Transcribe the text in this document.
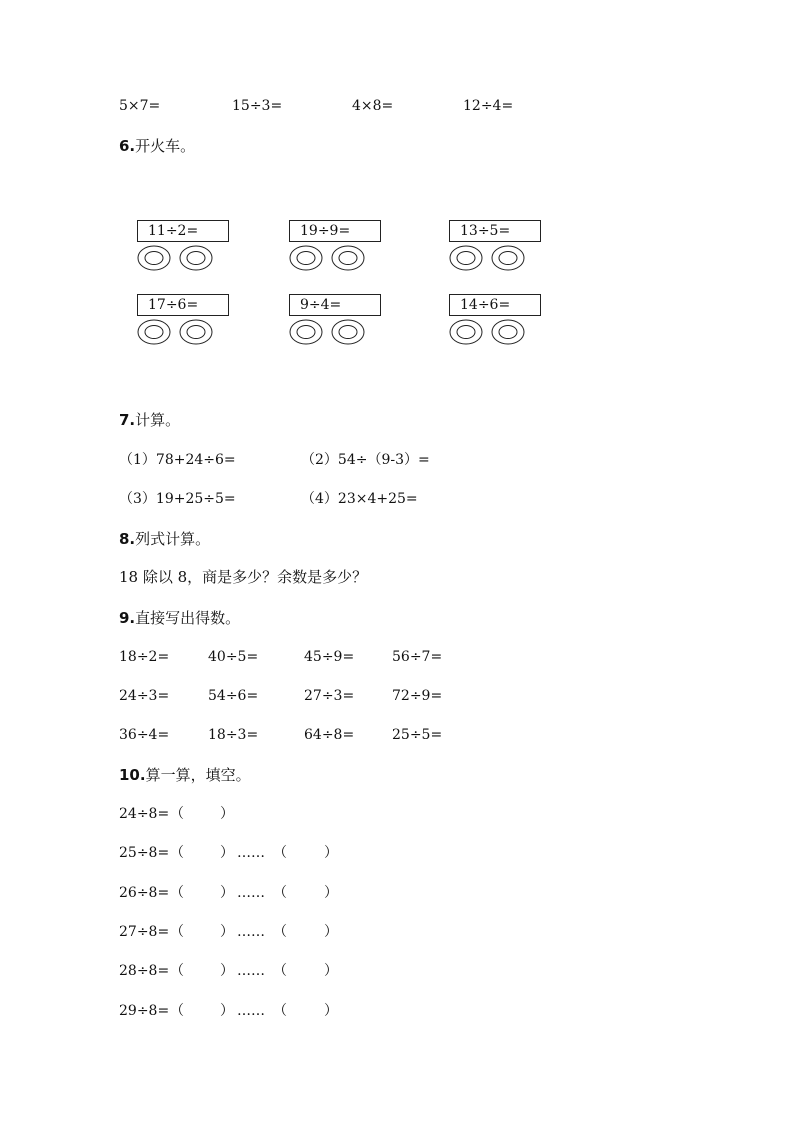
5×7=	15÷3=	4×8=	12÷4=
6.开火车。
11÷2=	19÷9=	13÷5=
17÷6=	9÷4=	14÷6=
7.计算。
（1）78+24÷6=	（2）54÷（9-3）=
（3）19+25÷5=	（4）23×4+25=
8.列式计算。
18 除以 8，商是多少？余数是多少？
9.直接写出得数。
18÷2=	40÷5=	45÷9=	56÷7=
24÷3=	54÷6=	27÷3=	72÷9=
36÷4=	18÷3=	64÷8=	25÷5=
10.算一算，填空。
24÷8= （	）
25÷8= （	） …… （	）
26÷8= （	） …… （	）
27÷8= （	） …… （	）
28÷8= （	） …… （	）
29÷8= （	） …… （	）
